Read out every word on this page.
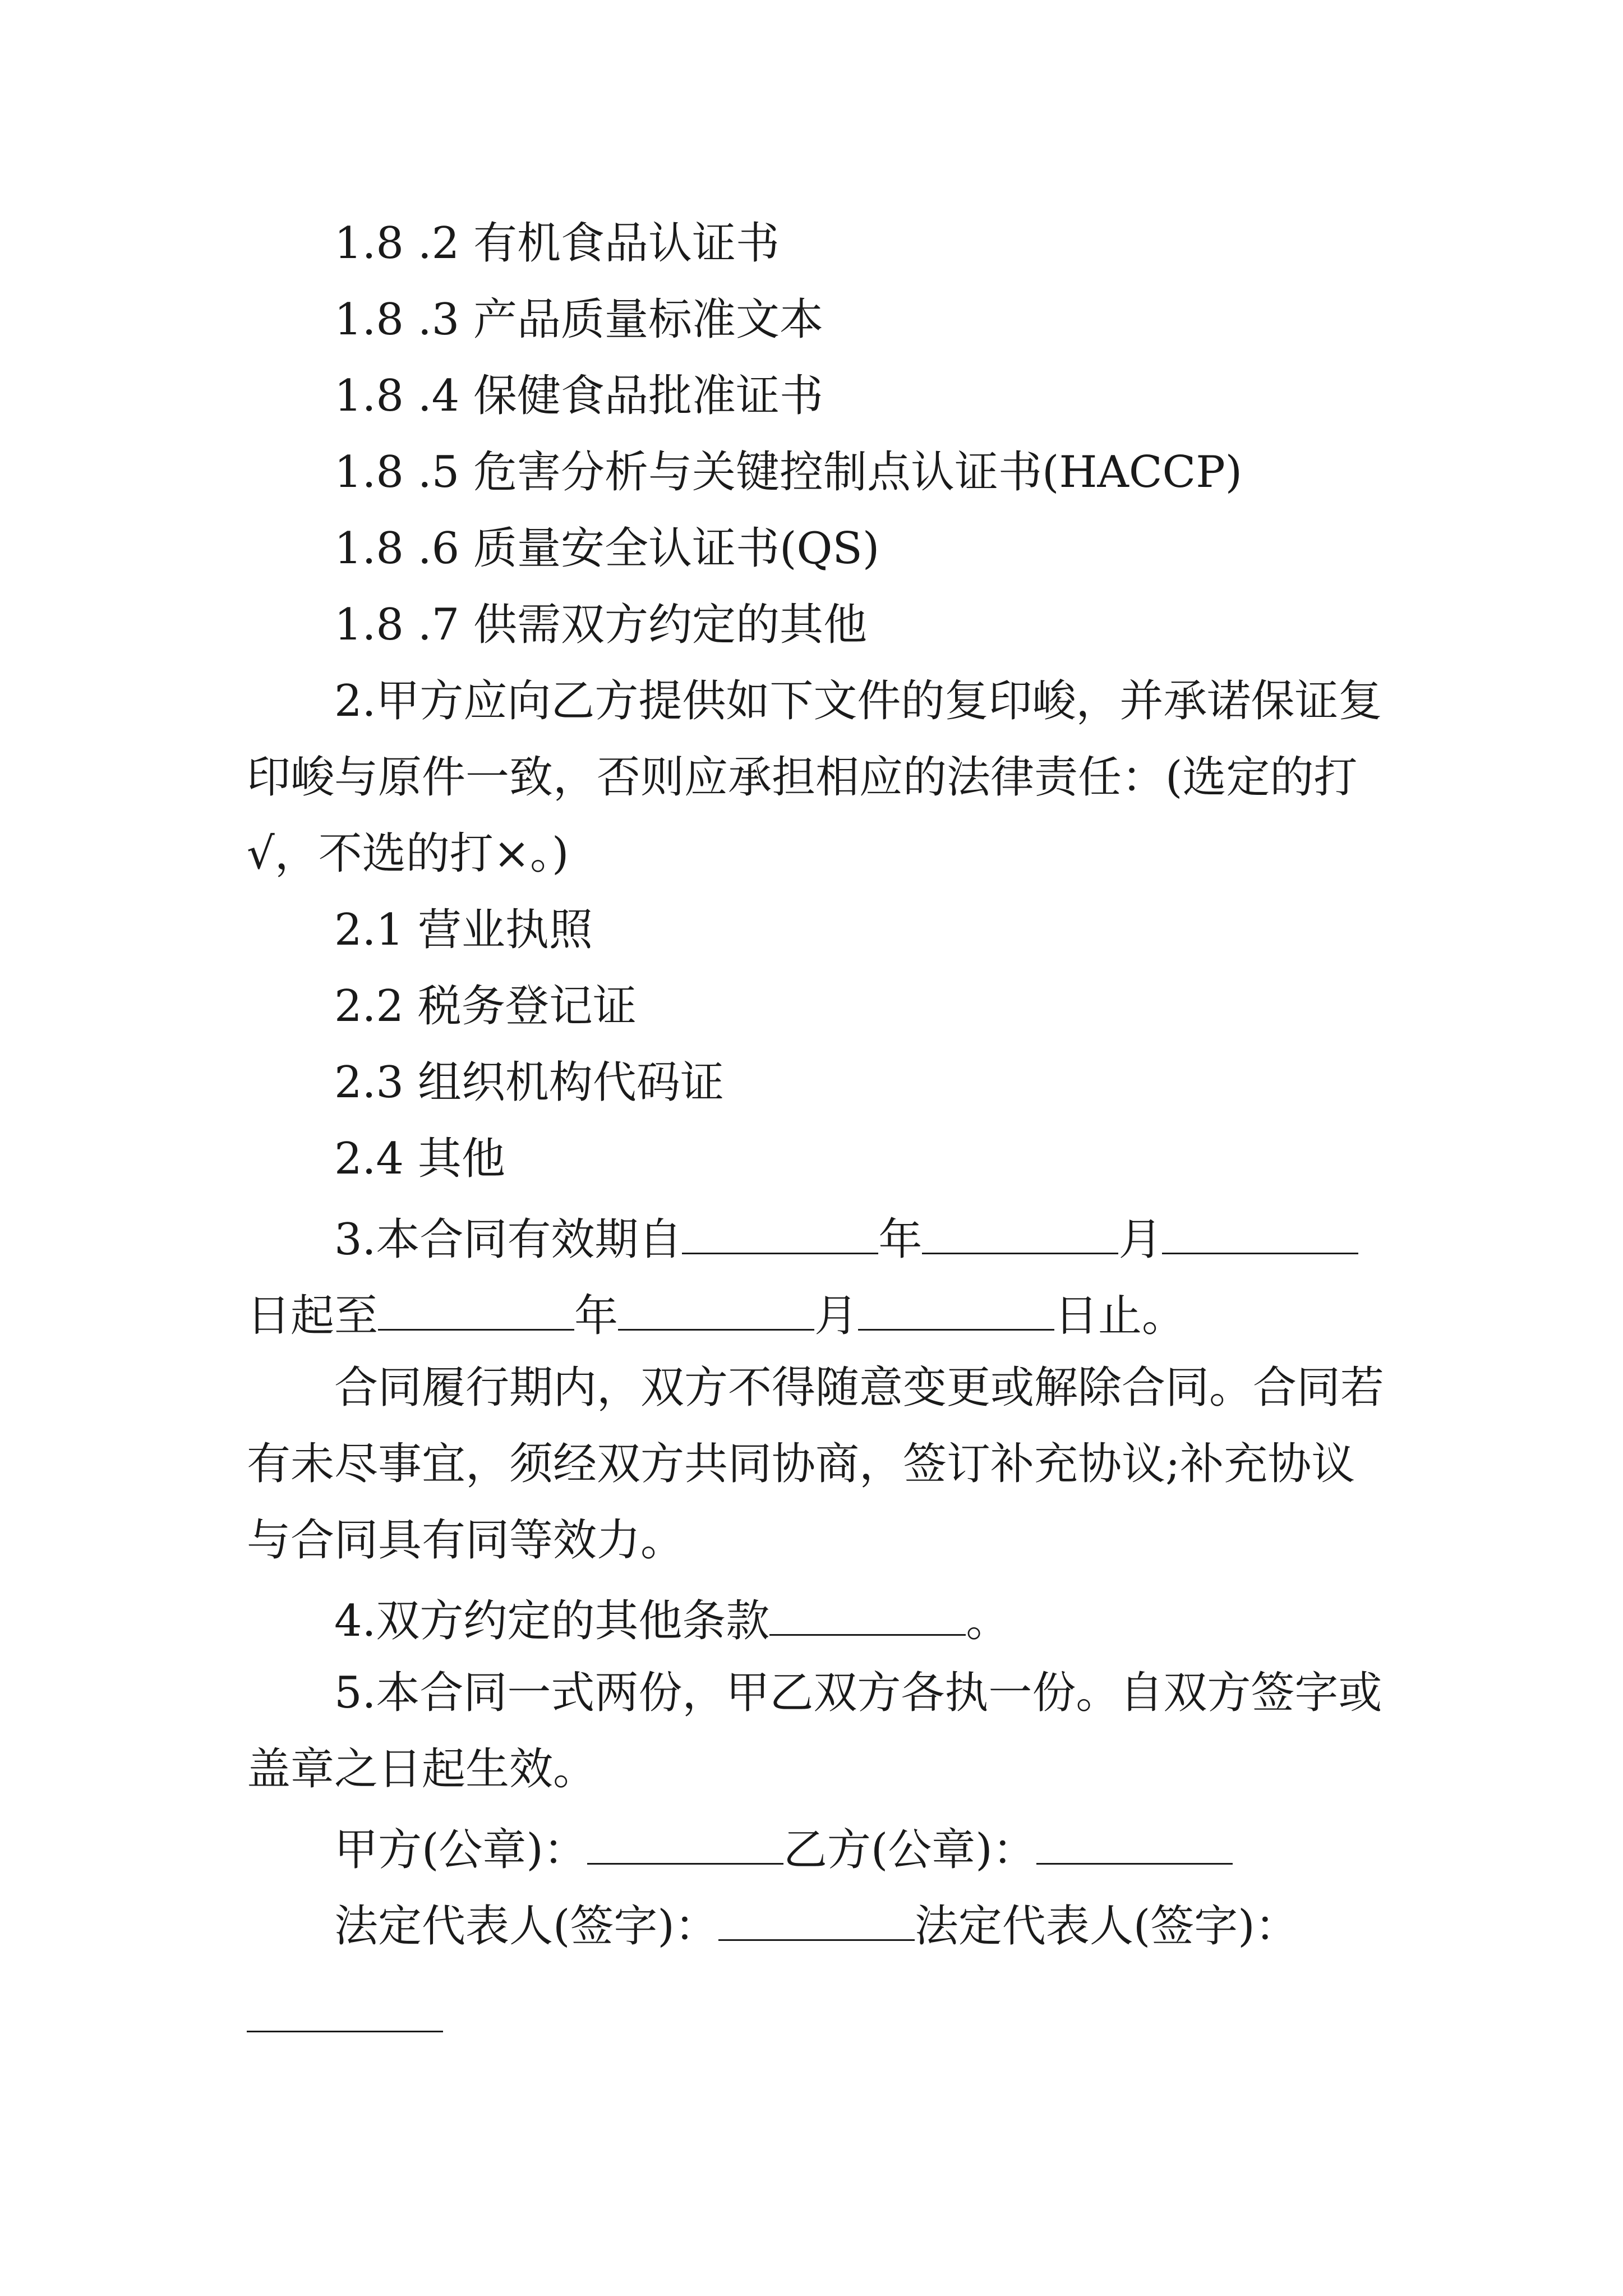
1.8 .2 有机食品认证书
1.8 .3 产品质量标准文本
1.8 .4 保健食品批准证书
1.8 .5 危害分析与关键控制点认证书(HACCP)
1.8 .6 质量安全认证书(QS)
1.8 .7 供需双方约定的其他
2.甲方应向乙方提供如下文件的复印峻，并承诺保证复
印峻与原件一致，否则应承担相应的法律责任：(选定的打
√，不选的打×。)
2.1 营业执照
2.2 税务登记证
2.3 组织机构代码证
2.4 其他
3.本合同有效期自	年	月
日起至	年	月	日止。
合同履行期内，双方不得随意变更或解除合同。合同若
有未尽事宜，须经双方共同协商，签订补充协议;补充协议
与合同具有同等效力。
4.双方约定的其他条款	。
5.本合同一式两份，甲乙双方各执一份。自双方签字或
盖章之日起生效。
甲方(公章)：	乙方(公章)：
法定代表人(签字)：	法定代表人(签字)：
